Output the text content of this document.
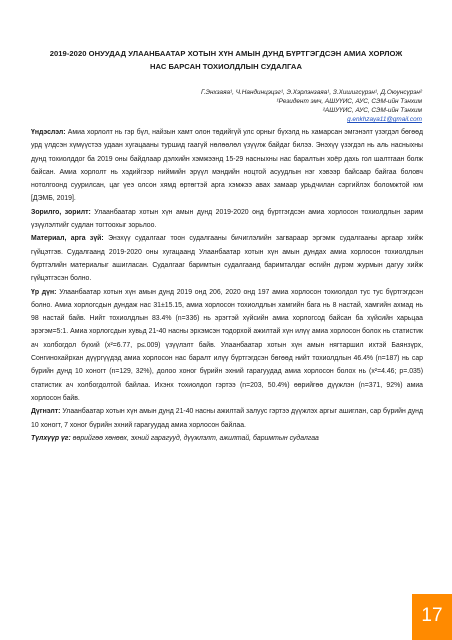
2019-2020 ОНУУДАД УЛААНБААТАР ХОТЫН ХҮН АМЫН ДУНД БҮРТГЭГДСЭН АМИА ХОРЛОЖ
НАС БАРСАН ТОХИОЛДЛЫН СУДАЛГАА
Г.Энхзаяа¹, Ч.Нандинцэцэг¹, Э.Хэрлэнзаяа¹, З.Хишигсүрэн¹, Д.Оюунсүрэн²
¹Резидент эмч, АШУҮИС, АУС, СЭМ-ийн Тэнхим
²АШУҮИС, АУС, СЭМ-ийн Тэнхим
g.enkhzaya11@gmail.com

Үндэслэл: Амиа хорлолт нь гэр бүл, найзын хамт олон төдийгүй улс орныг бүхэлд нь хамарсан эмгэнэлт үзэгдэл бөгөөд урд үлдсэн хүмүүстээ удаан хугацааны туршид гаагүй нөлөөлөл үзүүлж байдаг билээ. Энэхүү үзэгдэл нь аль насныхны дунд тохиолддог ба 2019 оны байдлаар дэлхийн хэмжээнд 15-29 насныхны нас баралтын хоёр дахь гол шалтгаан болж байсан. Амиа хорлолт нь хэдийгээр ниймийн эрүүл мэндийн ноцтой асуудлын нэг хэвээр байсаар байгаа боловч нотолгоонд суурилсан, цаг үеэ олсон хямд өртөгтэй арга хэмжээ авах замаар урьдчилан сэргийлэх боломжтой юм [ДЭМБ, 2019].

Зорилго, зорилт: Улаанбаатар хотын хүн амын дунд 2019-2020 онд бүртгэгдсэн амиа хорлосон тохиолдлын зарим үзүүлэлтийг судлан тогтоохыг зорьлоо.

Материал, арга зүй: Энэхүү судалгааг тоон судалгааны бичиглэлийн загвараар эргэмж судалгааны аргаар хийж гүйцэтгэв. Судалгаанд 2019-2020 оны хугацаанд Улаанбаатар хотын хүн амын дундах амиа хорлосон тохиолдлын бүртгэлийн материалыг ашигласан. Судалгааг баримтын судалгаанд баримталдаг өсгийн дүрэм журмын дагуу хийж гүйцэтгэсэн болно.

Үр дүн: Улаанбаатар хотын хүн амын дунд 2019 онд 206, 2020 онд 197 амиа хорлосон тохиолдол тус тус бүртгэгдсэн болно. Амиа хорлогсдын дундаж нас 31±15.15, амиа хорлосон тохиолдлын хамгийн бага нь 8 настай, хамгийн ахмад нь 98 настай байв. Нийт тохиолдлын 83.4% (n=336) нь эрэгтэй хүйсийн амиа хорлогсод байсан ба хүйсийн харьцаа эрэгэм=5:1. Амиа хорлогсдын хувьд 21-40 насны эрхэмсэн тодорхой ажилтай хүн илүү амиа хорлосон болох нь статистик ач холбогдол бүхий (x²=6.77, p≤.009) үзүүлэлт байв. Улаанбаатар хотын хүн амын нягтаршил ихтэй Баянзүрх, Сонгинохайрхан дүүргүүдэд амиа хорлосон нас баралт илүү бүртгэгдсэн бөгөөд нийт тохиолдлын 46.4% (n=187) нь сар бүрийн дунд 10 хоногт (n=129, 32%), долоо хоног бүрийн эхний гарагуудад амиа хорлосон болох нь (x²=4.46; p=.035) статистик ач холбогдолтой байлаа. Ихэнх тохиолдол гэртээ (n=203, 50.4%) өөрийгөө дүүжлэн (n=371, 92%) амиа хорлосон байв.

Дүгнэлт: Улаанбаатар хотын хүн амын дунд 21-40 насны ажилтай залуус гэртээ дүүжлэх аргыг ашиглан, сар бүрийн дунд 10 хоногт, 7 хоног бүрийн эхний гарагуудад амиа хорлосон байлаа.

Түлхүүр үг: өөрийгөө хөнөөх, эхний гарагууд, дүүжлэлт, ажилтай, баримтын судалгаа

17
